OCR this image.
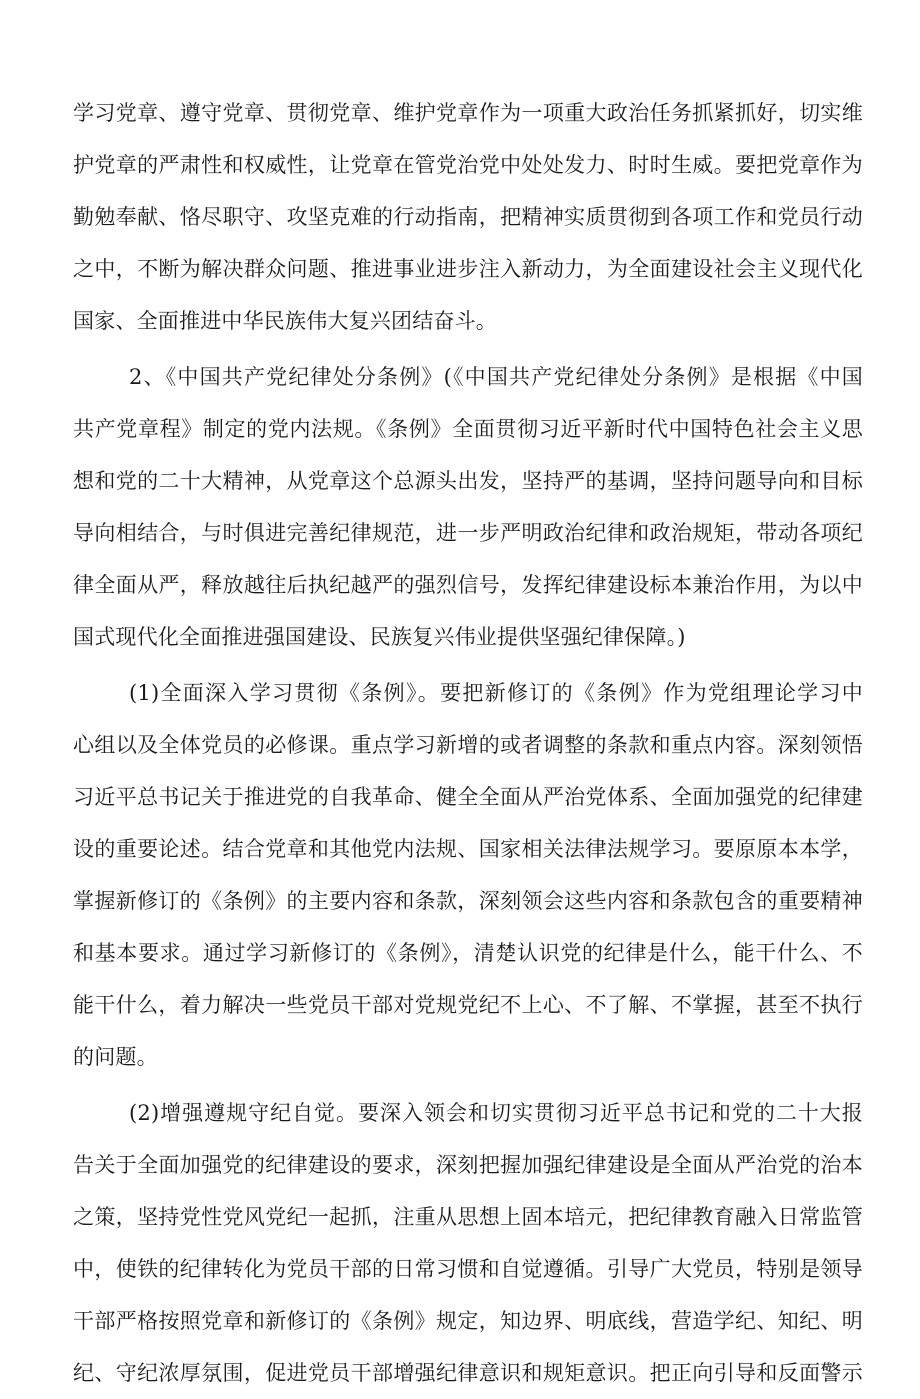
学习党章、遵守党章、贯彻党章、维护党章作为一项重大政治任务抓紧抓好，切实维
护党章的严肃性和权威性，让党章在管党治党中处处发力、时时生威。要把党章作为
勤勉奉献、恪尽职守、攻坚克难的行动指南，把精神实质贯彻到各项工作和党员行动
之中，不断为解决群众问题、推进事业进步注入新动力，为全面建设社会主义现代化
国家、全面推进中华民族伟大复兴团结奋斗。
2、《中国共产党纪律处分条例》(《中国共产党纪律处分条例》是根据《中国
共产党章程》制定的党内法规。《条例》全面贯彻习近平新时代中国特色社会主义思
想和党的二十大精神，从党章这个总源头出发，坚持严的基调，坚持问题导向和目标
导向相结合，与时俱进完善纪律规范，进一步严明政治纪律和政治规矩，带动各项纪
律全面从严，释放越往后执纪越严的强烈信号，发挥纪律建设标本兼治作用，为以中
国式现代化全面推进强国建设、民族复兴伟业提供坚强纪律保障。)
(1)全面深入学习贯彻《条例》。要把新修订的《条例》作为党组理论学习中
心组以及全体党员的必修课。重点学习新增的或者调整的条款和重点内容。深刻领悟
习近平总书记关于推进党的自我革命、健全全面从严治党体系、全面加强党的纪律建
设的重要论述。结合党章和其他党内法规、国家相关法律法规学习。要原原本本学，
掌握新修订的《条例》的主要内容和条款，深刻领会这些内容和条款包含的重要精神
和基本要求。通过学习新修订的《条例》，清楚认识党的纪律是什么，能干什么、不
能干什么，着力解决一些党员干部对党规党纪不上心、不了解、不掌握，甚至不执行
的问题。
(2)增强遵规守纪自觉。要深入领会和切实贯彻习近平总书记和党的二十大报
告关于全面加强党的纪律建设的要求，深刻把握加强纪律建设是全面从严治党的治本
之策，坚持党性党风党纪一起抓，注重从思想上固本培元，把纪律教育融入日常监管
中，使铁的纪律转化为党员干部的日常习惯和自觉遵循。引导广大党员，特别是领导
干部严格按照党章和新修订的《条例》规定，知边界、明底线，营造学纪、知纪、明
纪、守纪浓厚氛围，促进党员干部增强纪律意识和规矩意识。把正向引导和反面警示
